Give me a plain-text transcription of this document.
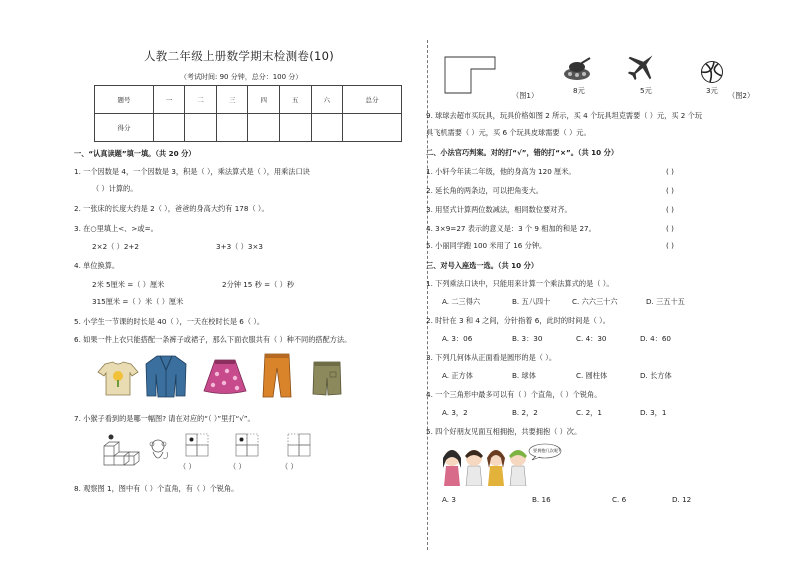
人教二年级上册数学期末检测卷(10)
（考试时间: 90 分钟，总分：100 分）
题号	一	二	三	四	五	六	总分
得分							
一、“认真读题”填一填。（共 20 分）
1. 一个因数是 4，一个因数是 3，积是（ ），乘法算式是（ ），用乘法口诀
（ ）计算的。
2. 一张床的长度大约是 2（ ），爸爸的身高大约有 178（ ）。
3. 在○里填上<、>或=。
2×2（ ）2+2	3+3（ ）3×3
4. 单位换算。
2米 5厘米 =（ ）厘米	2分钟 15 秒 =（ ）秒
315厘米 =（ ）米（ ）厘米
5. 小学生一节课的时长是 40（ ），一天在校时长是 6（ ）。
6. 如果一件上衣只能搭配一条裤子或裙子，那么下面衣服共有（ ）种不同的搭配方法。
7. 小猴子看到的是哪一幅图? 请在对应的“（ ）”里打“√”。
（ ）	（ ）	（ ）
8. 观察图 1，图中有（ ）个直角，有（ ）个锐角。
（图1）
8元	5元	3元
（图2）
9. 球球去超市买玩具，玩具价格如图 2 所示，买 4 个玩具坦克需要（ ）元，买 2 个玩
具飞机需要（ ）元，买 6 个玩具皮球需要（ ）元。
二、小法官巧判案。对的打“√”，错的打“×”。（共 10 分）
1. 小轩今年读二年级，他的身高为 120 厘米。
2. 延长角的两条边，可以把角变大。
3. 用竖式计算两位数减法，相同数位要对齐。
4. 3×9=27 表示的意义是：3 个 9 相加的和是 27。
5. 小丽同学跑 100 米用了 16 分钟。
( )
( )
( )
( )
( )
三、对号入座选一选。（共 10 分）
1. 下列乘法口诀中，只能用来计算一个乘法算式的是（ ）。
A. 二三得六	B. 五八四十	C. 六六三十六	D. 三五十五
2. 时针在 3 和 4 之间，分针指着 6，此时的时间是（ ）。
A. 3：06	B. 3：30	C. 4：30	D. 4：60
3. 下列几何体从正面看是圆形的是（ ）。
A. 正方体	B. 球体	C. 圆柱体	D. 长方体
4. 一个三角形中最多可以有（ ）个直角，（ ）个锐角。
A. 3，2	B. 2，2	C. 2，1	D. 3，1
5. 四个好朋友见面互相拥抱，共要拥抱（ ）次。
要拥抱几次呢?
A. 3	B. 16	C. 6	D. 12
